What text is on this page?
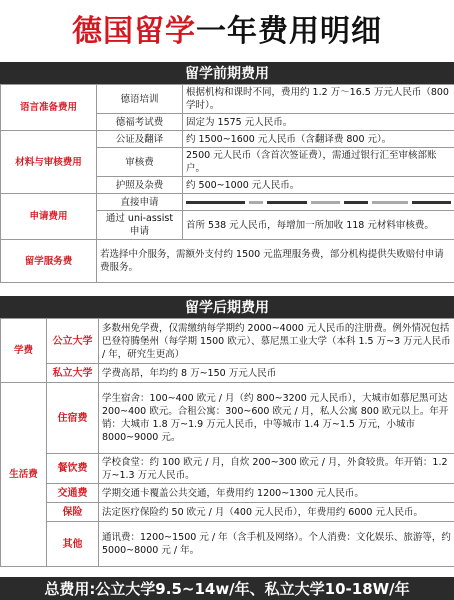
德国留学 一年费用明细
留学前期费用
语言准备费用	德语培训	根据机构和课时不同，费用约 1.2 万～16.5 万元人民币（800 学时）。
	德福考试费	固定为 1575 元人民币。
材料与审核费用	公证及翻译	约 1500~1600 元人民币（含翻译费 800 元）。
	审核费	2500 元人民币（含首次签证费），需通过银行汇至审核部账户。
	护照及杂费	约 500~1000 元人民币。
申请费用	直接申请	

	通过 uni-assist 申请	首所 538 元人民币，每增加一所加收 118 元材料审核费。
留学服务费	若选择中介服务，需额外支付约 1500 元监理服务费，部分机构提供失败赔付申请费服务。	
留学后期费用
学费	公立大学	多数州免学费，仅需缴纳每学期约 2000~4000 元人民币的注册费。例外情况包括巴登符腾堡州（每学期 1500 欧元）、慕尼黑工业大学（本科 1.5 万~3 万元人民币 / 年，研究生更高）
	私立大学	学费高昂，年均约 8 万~150 万元人民币
生活费	住宿费	学生宿舍：100~400 欧元 / 月（约 800~3200 元人民币），大城市如慕尼黑可达 200~400 欧元。合租公寓：300~600 欧元 / 月，私人公寓 800 欧元以上。年开销：大城市 1.8 万~1.9 万元人民币，中等城市 1.4 万~1.5 万元，小城市 8000~9000 元。
	餐饮费	学校食堂：约 100 欧元 / 月，自炊 200~300 欧元 / 月，外食较贵。年开销：1.2 万~1.3 万元人民币。
	交通费	学期交通卡覆盖公共交通，年费用约 1200~1300 元人民币。
	保险	法定医疗保险约 50 欧元 / 月（400 元人民币），年费用约 6000 元人民币。
	其他	通讯费：1200~1500 元 / 年（含手机及网络）。个人消费：文化娱乐、旅游等，约 5000~8000 元 / 年。
总费用:公立大学9.5~14w/年、私立大学10-18W/年
